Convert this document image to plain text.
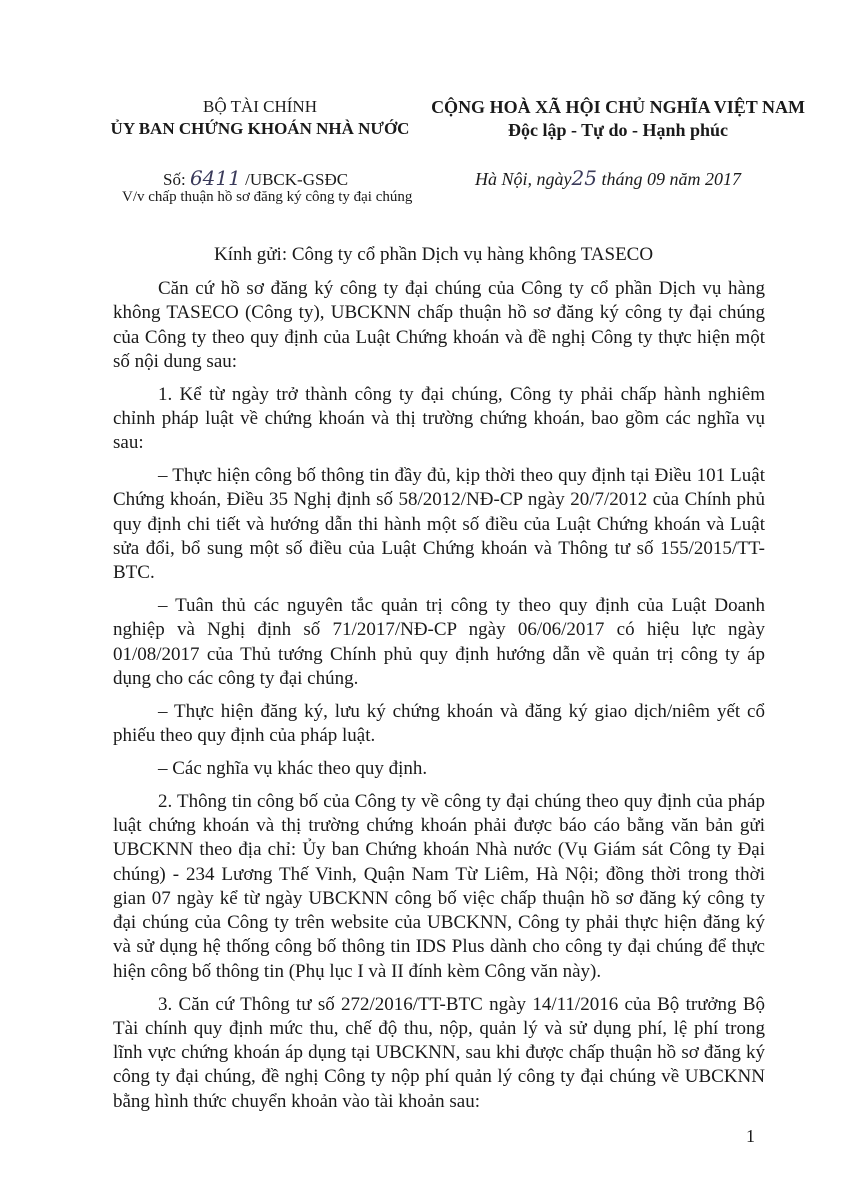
BỘ TÀI CHÍNH
ỦY BAN CHỨNG KHOÁN NHÀ NƯỚC
CỘNG HOÀ XÃ HỘI CHỦ NGHĨA VIỆT NAM
Độc lập - Tự do - Hạnh phúc
Số: 6411 /UBCK-GSĐC
V/v chấp thuận hồ sơ đăng ký công ty đại chúng
Hà Nội, ngày25 tháng 09 năm 2017
Kính gửi: Công ty cổ phần Dịch vụ hàng không TASECO

Căn cứ hồ sơ đăng ký công ty đại chúng của Công ty cổ phần Dịch vụ hàng không TASECO (Công ty), UBCKNN chấp thuận hồ sơ đăng ký công ty đại chúng của Công ty theo quy định của Luật Chứng khoán và đề nghị Công ty thực hiện một số nội dung sau:

1. Kể từ ngày trở thành công ty đại chúng, Công ty phải chấp hành nghiêm chỉnh pháp luật về chứng khoán và thị trường chứng khoán, bao gồm các nghĩa vụ sau:

– Thực hiện công bố thông tin đầy đủ, kịp thời theo quy định tại Điều 101 Luật Chứng khoán, Điều 35 Nghị định số 58/2012/NĐ-CP ngày 20/7/2012 của Chính phủ quy định chi tiết và hướng dẫn thi hành một số điều của Luật Chứng khoán và Luật sửa đổi, bổ sung một số điều của Luật Chứng khoán và Thông tư số 155/2015/TT-BTC.

– Tuân thủ các nguyên tắc quản trị công ty theo quy định của Luật Doanh nghiệp và Nghị định số 71/2017/NĐ-CP ngày 06/06/2017 có hiệu lực ngày 01/08/2017 của Thủ tướng Chính phủ quy định hướng dẫn về quản trị công ty áp dụng cho các công ty đại chúng.

– Thực hiện đăng ký, lưu ký chứng khoán và đăng ký giao dịch/niêm yết cổ phiếu theo quy định của pháp luật.

– Các nghĩa vụ khác theo quy định.

2. Thông tin công bố của Công ty về công ty đại chúng theo quy định của pháp luật chứng khoán và thị trường chứng khoán phải được báo cáo bằng văn bản gửi UBCKNN theo địa chỉ: Ủy ban Chứng khoán Nhà nước (Vụ Giám sát Công ty Đại chúng) - 234 Lương Thế Vinh, Quận Nam Từ Liêm, Hà Nội; đồng thời trong thời gian 07 ngày kể từ ngày UBCKNN công bố việc chấp thuận hồ sơ đăng ký công ty đại chúng của Công ty trên website của UBCKNN, Công ty phải thực hiện đăng ký và sử dụng hệ thống công bố thông tin IDS Plus dành cho công ty đại chúng để thực hiện công bố thông tin (Phụ lục I và II đính kèm Công văn này).

3. Căn cứ Thông tư số 272/2016/TT-BTC ngày 14/11/2016 của Bộ trưởng Bộ Tài chính quy định mức thu, chế độ thu, nộp, quản lý và sử dụng phí, lệ phí trong lĩnh vực chứng khoán áp dụng tại UBCKNN, sau khi được chấp thuận hồ sơ đăng ký công ty đại chúng, đề nghị Công ty nộp phí quản lý công ty đại chúng về UBCKNN bằng hình thức chuyển khoản vào tài khoản sau:

1
